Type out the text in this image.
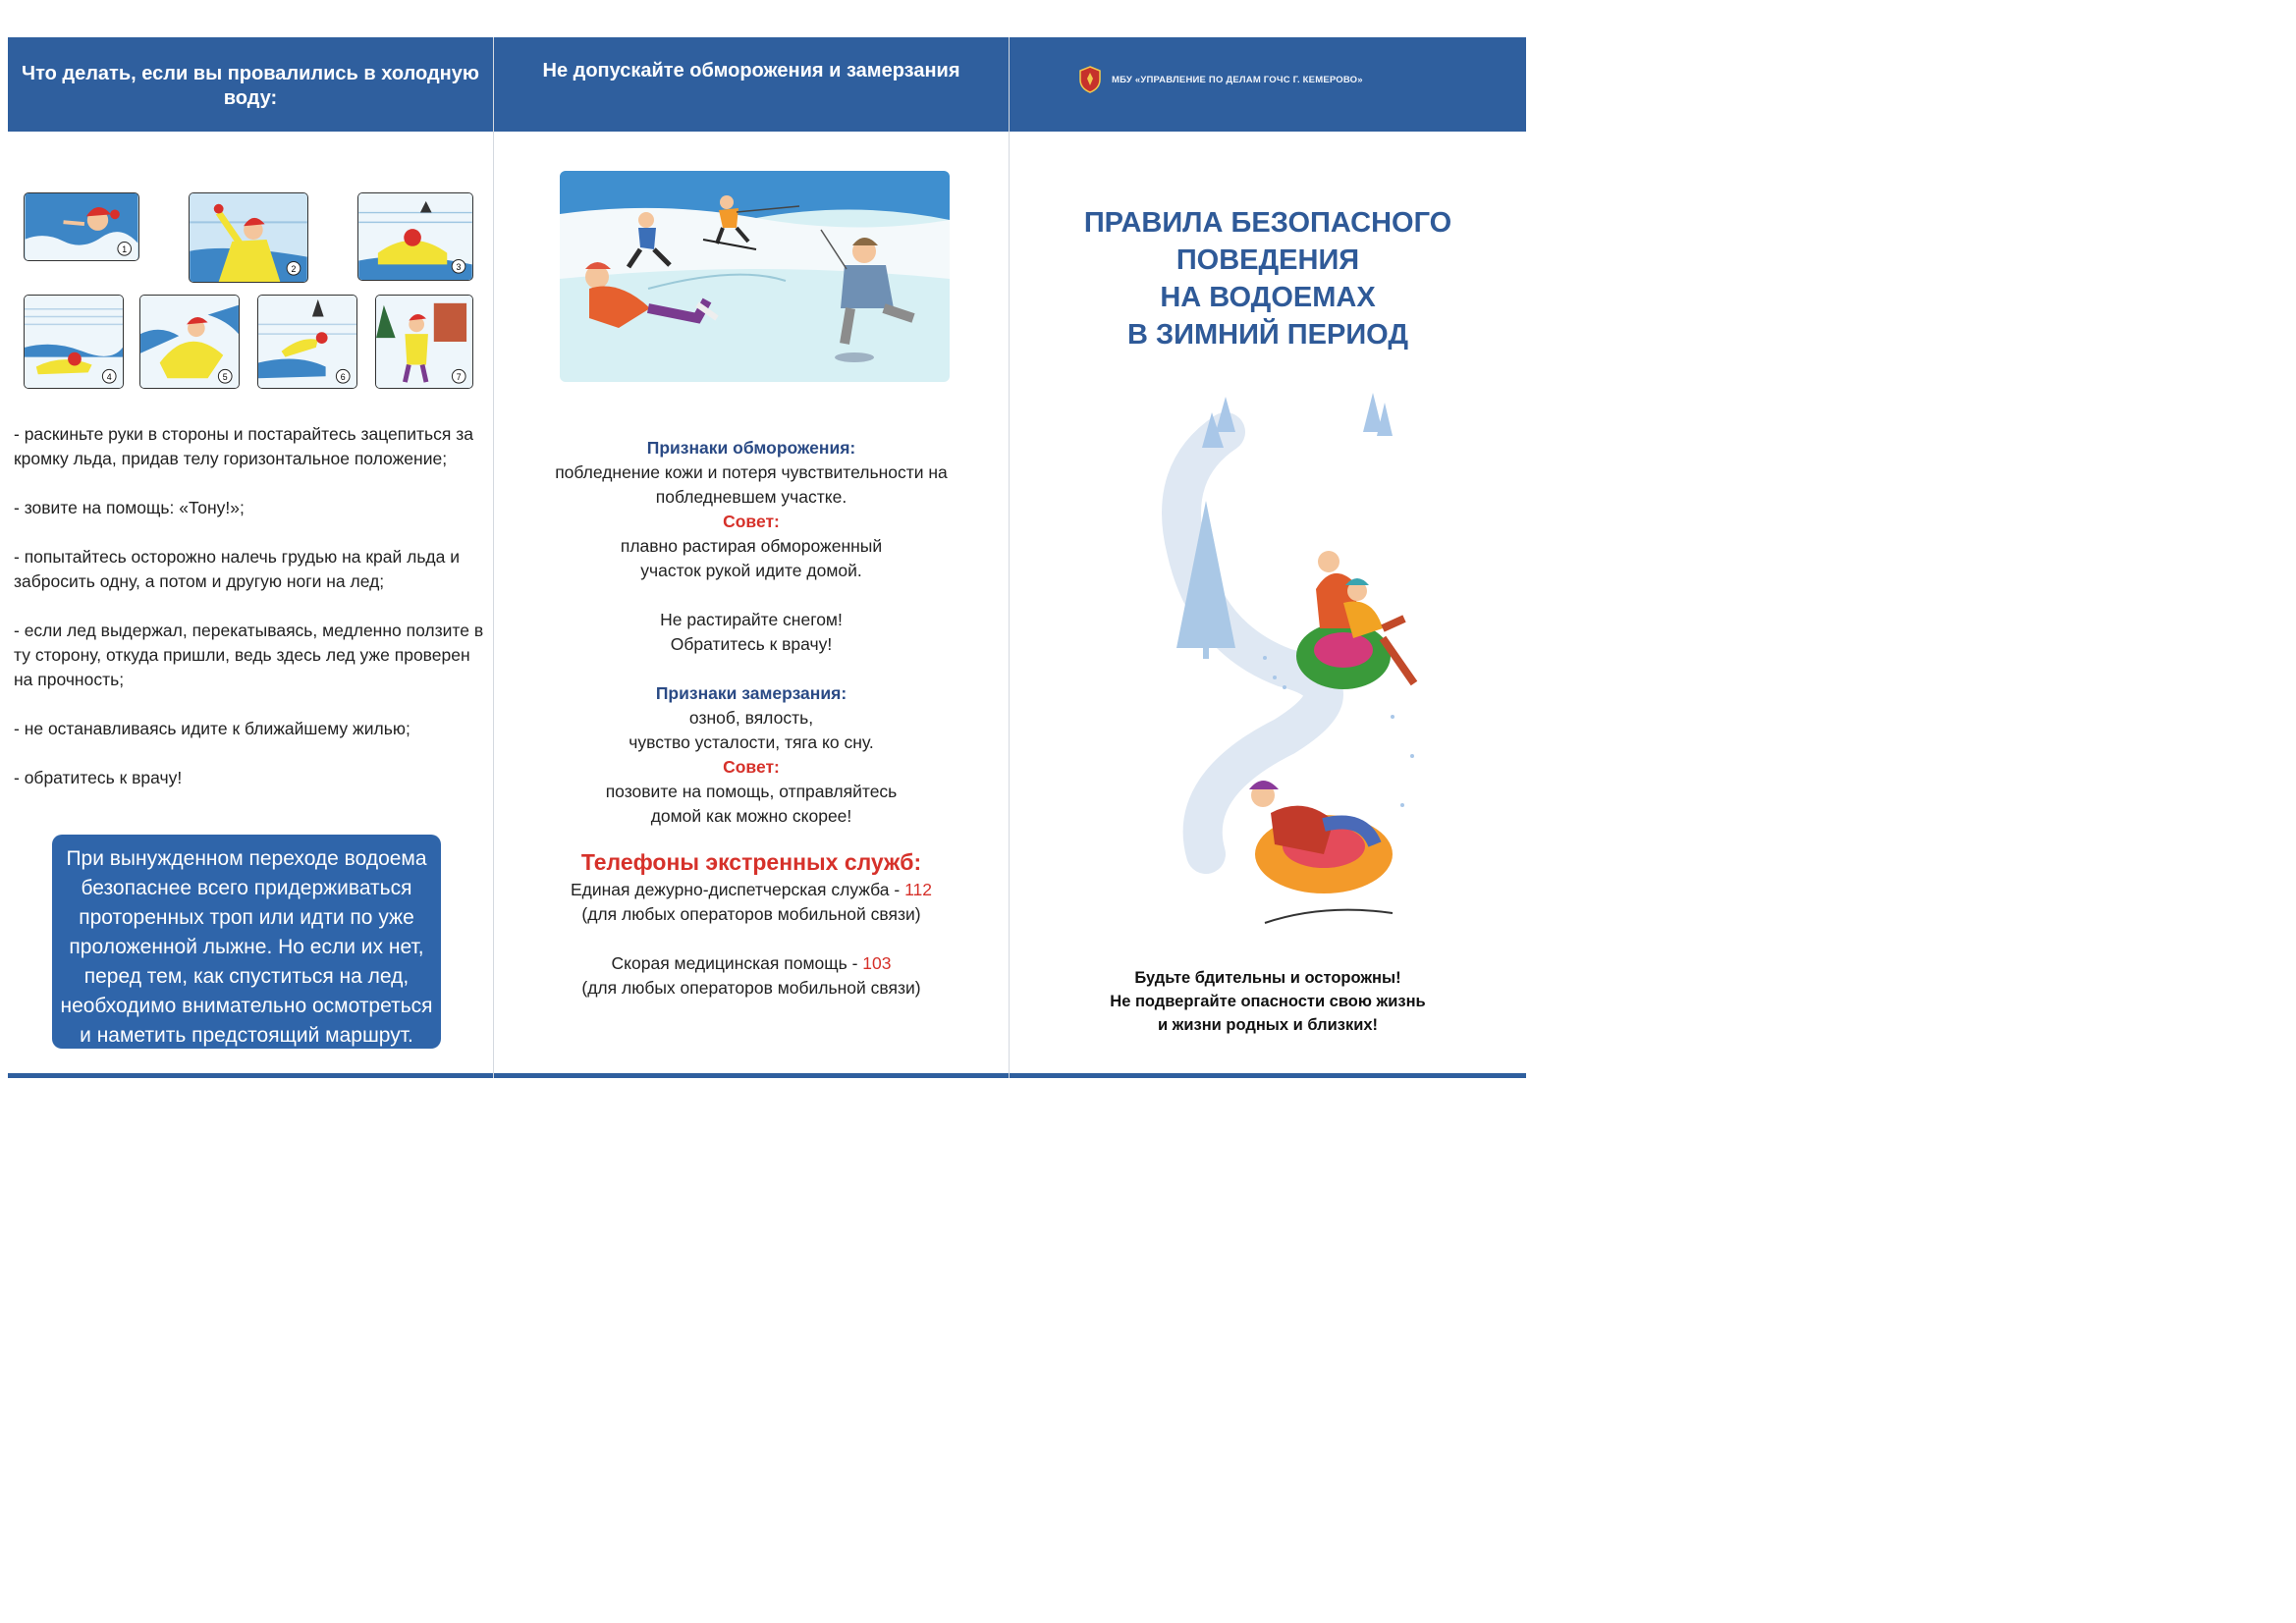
Что делать, если вы провалились в холодную воду:
1
2	3
4	5	6	7

- раскиньте руки в стороны и постарайтесь зацепиться за кромку льда, придав телу горизонтальное положение;

- зовите на помощь: «Тону!»;

- попытайтесь осторожно налечь грудью на край льда и забросить одну, а потом и другую ноги на лед;

- если лед выдержал, перекатываясь, медленно ползите в ту сторону, откуда пришли, ведь здесь лед уже проверен на прочность;

- не останавливаясь идите к ближайшему жилью;

- обратитесь к врачу!

При вынужденном переходе водоема безопаснее всего придерживаться проторенных троп или идти по уже проложенной лыжне. Но если их нет, перед тем, как спуститься на лед, необходимо внимательно осмотреться и наметить предстоящий маршрут.
Не допускайте обморожения и замерзания
Признаки обморожения:
побледнение кожи и потеря чувствительности на побледневшем участке.
Совет:
плавно растирая обмороженный участок рукой идите домой.
Не растирайте снегом!
Обратитесь к врачу!
Признаки замерзания:
озноб, вялость,
чувство усталости, тяга ко сну.
Совет:
позовите на помощь, отправляйтесь домой как можно скорее!
Телефоны экстренных служб:
Единая дежурно-диспетчерская служба - 112
(для любых операторов мобильной связи)
Скорая медицинская помощь - 103
(для любых операторов мобильной связи)
МБУ «УПРАВЛЕНИЕ ПО ДЕЛАМ ГОЧС Г. КЕМЕРОВО»
ПРАВИЛА БЕЗОПАСНОГО
ПОВЕДЕНИЯ
НА ВОДОЕМАХ
В ЗИМНИЙ ПЕРИОД
Будьте бдительны и осторожны!
Не подвергайте опасности свою жизнь
и жизни родных и близких!
